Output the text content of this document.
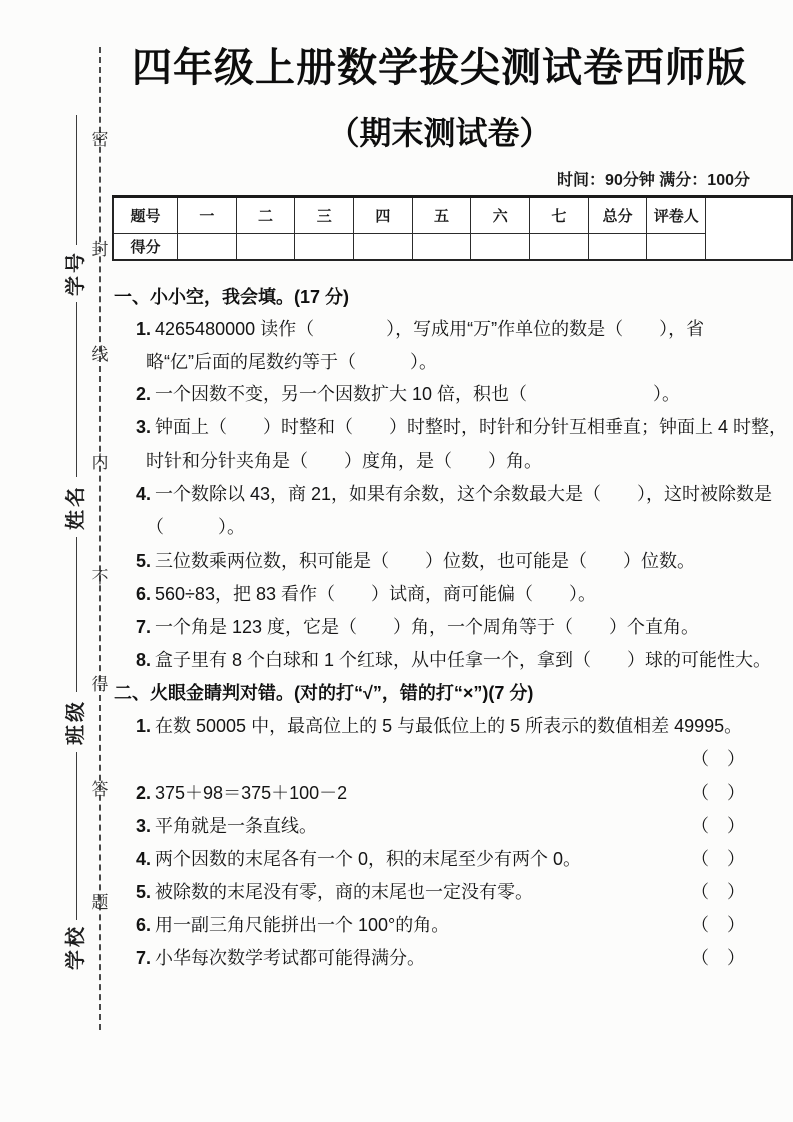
密
封
线
内
不
得
答
题
学号
姓名
班级
学校
四年级上册数学拔尖测试卷西师版
（期末测试卷）
时间：90分钟 满分：100分
题号	一	二	三	四	五	六	七	总分	评卷人
得分									
一、小小空，我会填。(17 分)
1. 4265480000 读作（　　　　），写成用“万”作单位的数是（　　），省
略“亿”后面的尾数约等于（　　　）。
2. 一个因数不变，另一个因数扩大 10 倍，积也（　　　　　　　）。
3. 钟面上（　　）时整和（　　）时整时，时针和分针互相垂直；钟面上 4 时整，
时针和分针夹角是（　　）度角，是（　　）角。
4. 一个数除以 43，商 21，如果有余数，这个余数最大是（　　），这时被除数是
（　　　）。
5. 三位数乘两位数，积可能是（　　）位数，也可能是（　　）位数。
6. 560÷83，把 83 看作（　　）试商，商可能偏（　　）。
7. 一个角是 123 度，它是（　　）角，一个周角等于（　　）个直角。
8. 盒子里有 8 个白球和 1 个红球，从中任拿一个，拿到（　　）球的可能性大。
二、火眼金睛判对错。(对的打“√”，错的打“×”)(7 分)
1. 在数 50005 中，最高位上的 5 与最低位上的 5 所表示的数值相差 49995。
（　）
2. 375＋98＝375＋100－2	（　）
3. 平角就是一条直线。	（　）
4. 两个因数的末尾各有一个 0，积的末尾至少有两个 0。	（　）
5. 被除数的末尾没有零，商的末尾也一定没有零。	（　）
6. 用一副三角尺能拼出一个 100°的角。	（　）
7. 小华每次数学考试都可能得满分。	（　）
